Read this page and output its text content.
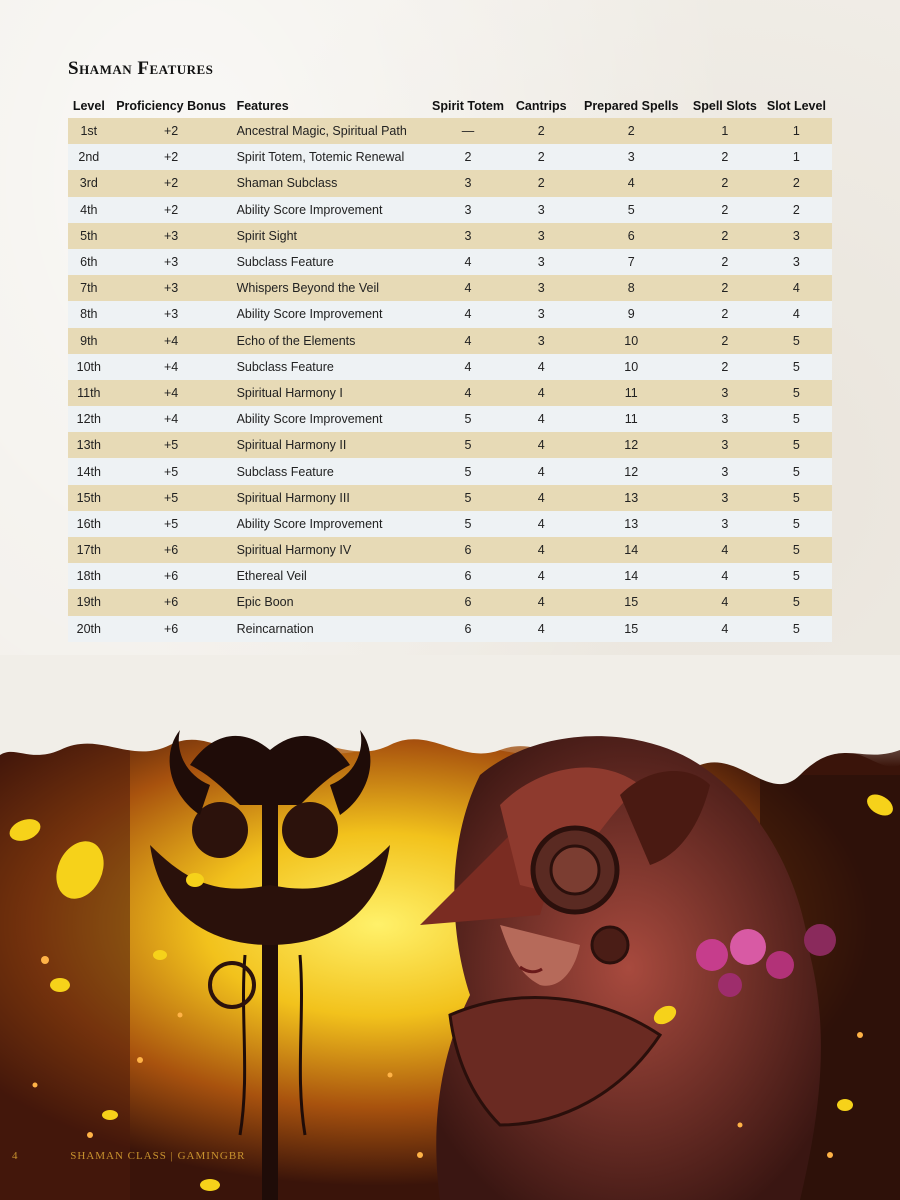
Shaman Features
Level	Proficiency Bonus	Features	Spirit Totem	Cantrips	Prepared Spells	Spell Slots	Slot Level
1st	+2	Ancestral Magic, Spiritual Path	—	2	2	1	1
2nd	+2	Spirit Totem, Totemic Renewal	2	2	3	2	1
3rd	+2	Shaman Subclass	3	2	4	2	2
4th	+2	Ability Score Improvement	3	3	5	2	2
5th	+3	Spirit Sight	3	3	6	2	3
6th	+3	Subclass Feature	4	3	7	2	3
7th	+3	Whispers Beyond the Veil	4	3	8	2	4
8th	+3	Ability Score Improvement	4	3	9	2	4
9th	+4	Echo of the Elements	4	3	10	2	5
10th	+4	Subclass Feature	4	4	10	2	5
11th	+4	Spiritual Harmony I	4	4	11	3	5
12th	+4	Ability Score Improvement	5	4	11	3	5
13th	+5	Spiritual Harmony II	5	4	12	3	5
14th	+5	Subclass Feature	5	4	12	3	5
15th	+5	Spiritual Harmony III	5	4	13	3	5
16th	+5	Ability Score Improvement	5	4	13	3	5
17th	+6	Spiritual Harmony IV	6	4	14	4	5
18th	+6	Ethereal Veil	6	4	14	4	5
19th	+6	Epic Boon	6	4	15	4	5
20th	+6	Reincarnation	6	4	15	4	5
4	SHAMAN CLASS | GAMINGBR
